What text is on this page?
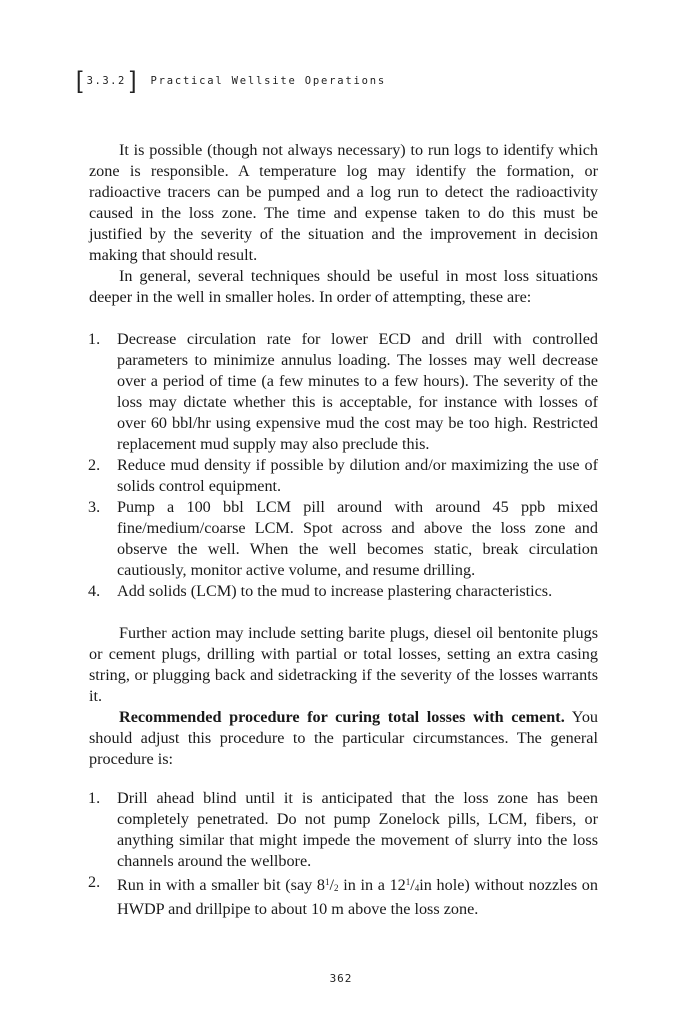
[ 3.3.2 ] Practical Wellsite Operations

It is possible (though not always necessary) to run logs to identify which zone is responsible. A temperature log may identify the formation, or radioactive tracers can be pumped and a log run to detect the radioactivity caused in the loss zone. The time and expense taken to do this must be justified by the severity of the situation and the improvement in decision making that should result.

In general, several techniques should be useful in most loss situations deeper in the well in smaller holes. In order of attempting, these are:

1. Decrease circulation rate for lower ECD and drill with controlled parameters to minimize annulus loading. The losses may well decrease over a period of time (a few minutes to a few hours). The severity of the loss may dictate whether this is acceptable, for instance with losses of over 60 bbl/hr using expensive mud the cost may be too high. Restricted replacement mud supply may also preclude this.
2. Reduce mud density if possible by dilution and/or maximizing the use of solids control equipment.
3. Pump a 100 bbl LCM pill around with around 45 ppb mixed fine/medium/coarse LCM. Spot across and above the loss zone and observe the well. When the well becomes static, break circulation cautiously, monitor active volume, and resume drilling.
4. Add solids (LCM) to the mud to increase plastering characteristics.

Further action may include setting barite plugs, diesel oil bentonite plugs or cement plugs, drilling with partial or total losses, setting an extra casing string, or plugging back and sidetracking if the severity of the losses warrants it.

Recommended procedure for curing total losses with cement. You should adjust this procedure to the particular circumstances. The general procedure is:

1. Drill ahead blind until it is anticipated that the loss zone has been completely penetrated. Do not pump Zonelock pills, LCM, fibers, or anything similar that might impede the movement of slurry into the loss channels around the wellbore.
2. Run in with a smaller bit (say $8^1/_2$ in in a $12^1/_4in$ hole) without nozzles on HWDP and drillpipe to about 10 m above the loss zone.
362
